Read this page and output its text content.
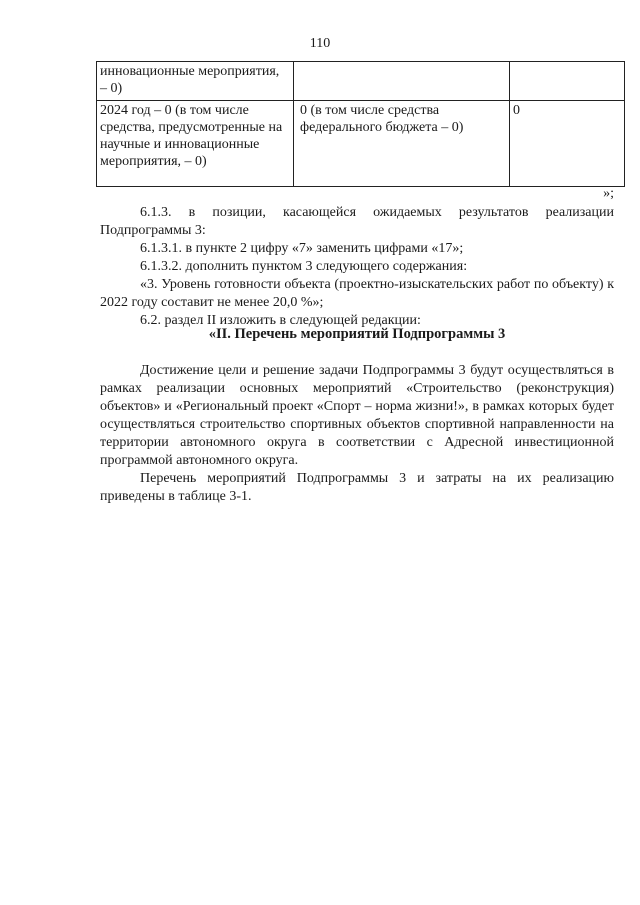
110
инновационные мероприятия, – 0)		
2024 год – 0 (в том числе средства, предусмотренные на научные и инновационные мероприятия, – 0)	0 (в том числе средства федерального бюджета – 0)	0
»;

6.1.3. в позиции, касающейся ожидаемых результатов реализации Подпрограммы 3:

6.1.3.1. в пункте 2 цифру «7» заменить цифрами «17»;

6.1.3.2. дополнить пунктом 3 следующего содержания:

«3. Уровень готовности объекта (проектно-изыскательских работ по объекту) к 2022 году составит не менее 20,0 %»;

6.2. раздел II изложить в следующей редакции:

«II. Перечень мероприятий Подпрограммы 3

Достижение цели и решение задачи Подпрограммы 3 будут осуществляться в рамках реализации основных мероприятий «Строительство (реконструкция) объектов» и «Региональный проект «Спорт – норма жизни!», в рамках которых будет осуществляться строительство спортивных объектов спортивной направленности на территории автономного округа в соответствии с Адресной инвестиционной программой автономного округа.

Перечень мероприятий Подпрограммы 3 и затраты на их реализацию приведены в таблице 3-1.
